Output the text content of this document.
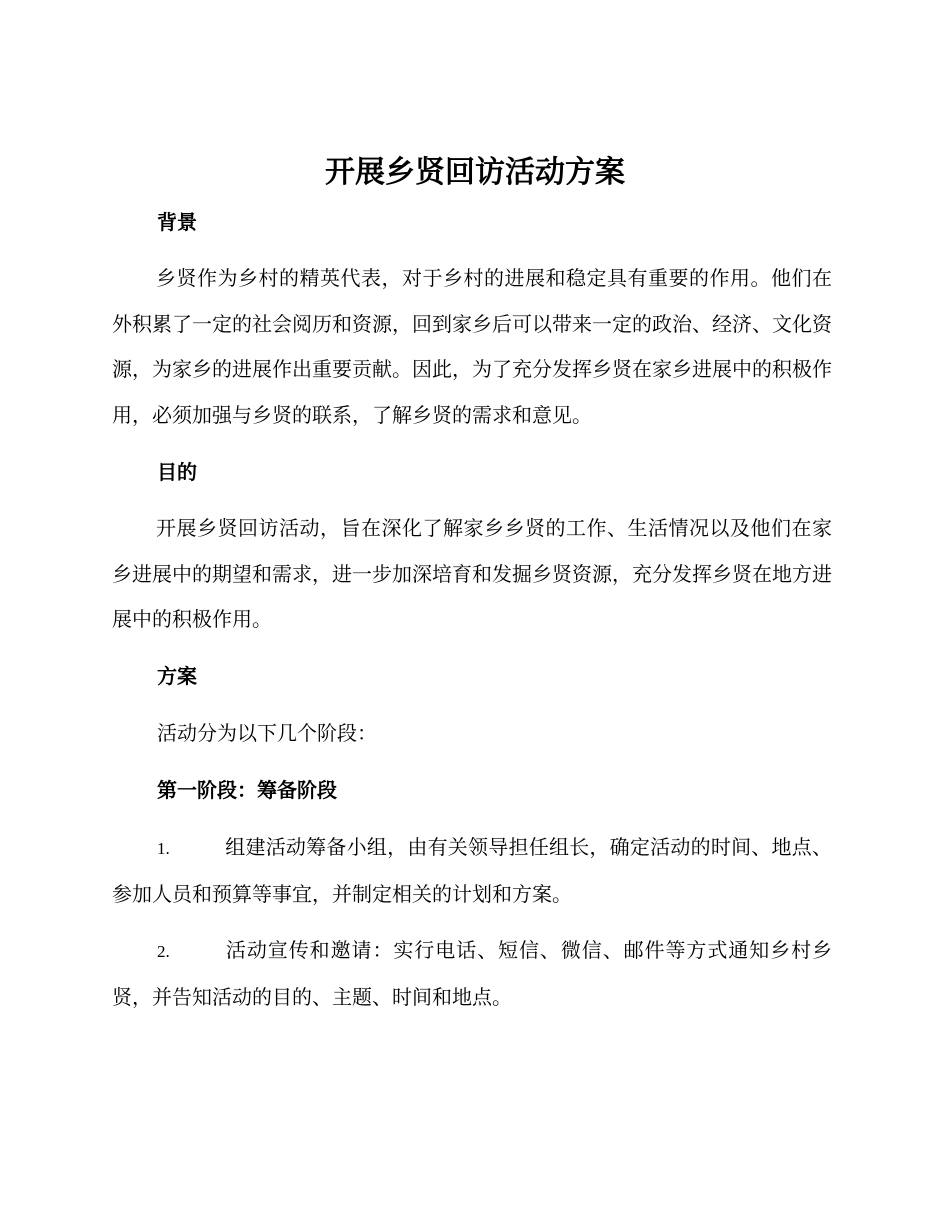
开展乡贤回访活动方案
背景

乡贤作为乡村的精英代表，对于乡村的进展和稳定具有重要的作用。他们在外积累了一定的社会阅历和资源，回到家乡后可以带来一定的政治、经济、文化资源，为家乡的进展作出重要贡献。因此，为了充分发挥乡贤在家乡进展中的积极作用，必须加强与乡贤的联系，了解乡贤的需求和意见。

目的

开展乡贤回访活动，旨在深化了解家乡乡贤的工作、生活情况以及他们在家乡进展中的期望和需求，进一步加深培育和发掘乡贤资源，充分发挥乡贤在地方进展中的积极作用。

方案
活动分为以下几个阶段：
第一阶段：筹备阶段

1.	组建活动筹备小组，由有关领导担任组长，确定活动的时间、地点、参加人员和预算等事宜，并制定相关的计划和方案。

2.	活动宣传和邀请：实行电话、短信、微信、邮件等方式通知乡村乡贤，并告知活动的目的、主题、时间和地点。
